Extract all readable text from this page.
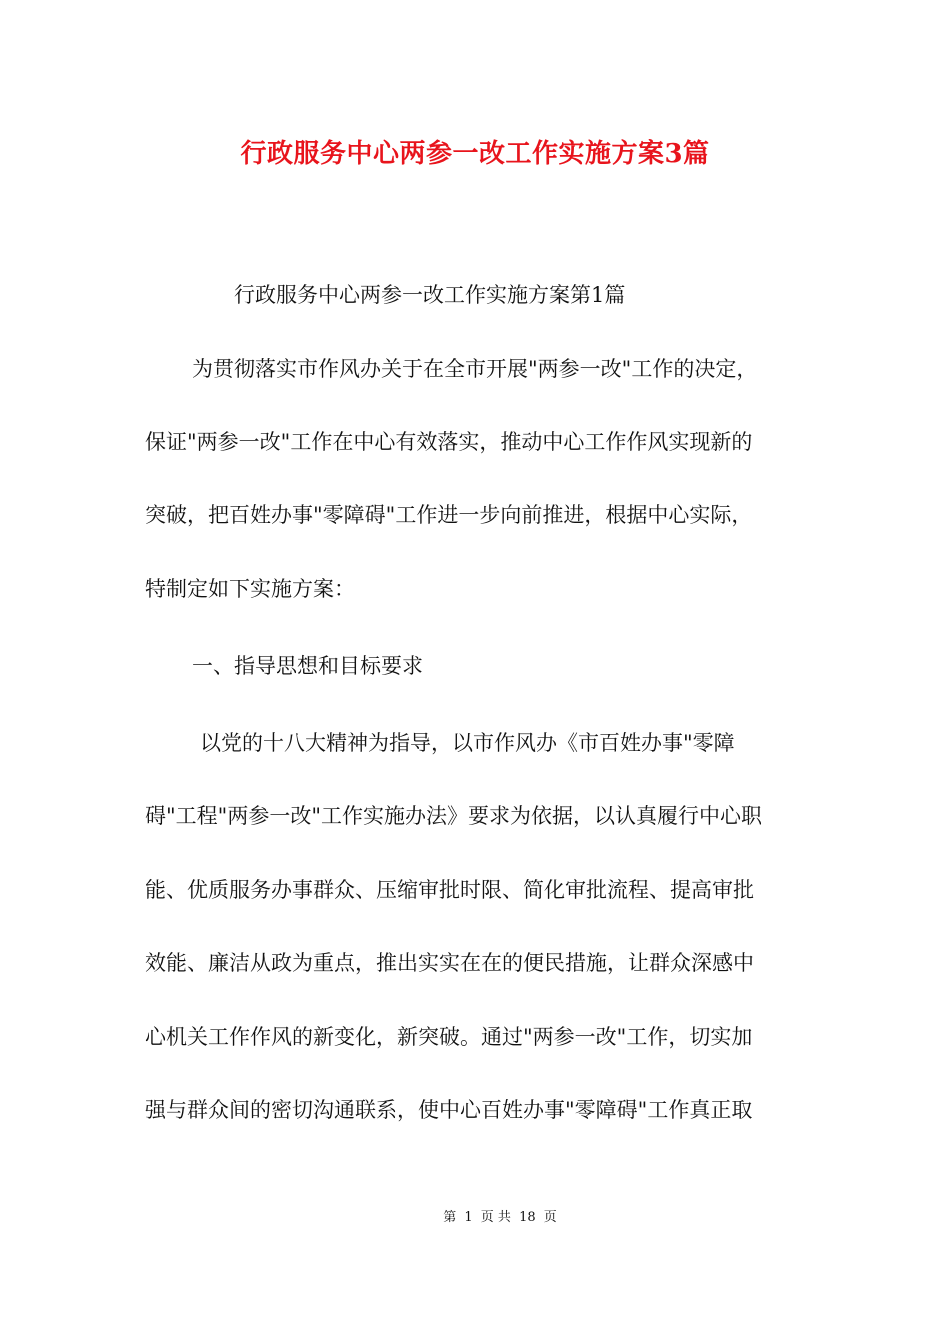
行政服务中心两参一改工作实施方案3篇
行政服务中心两参一改工作实施方案第1篇
为贯彻落实市作风办关于在全市开展"两参一改"工作的决定，
保证"两参一改"工作在中心有效落实，推动中心工作作风实现新的
突破，把百姓办事"零障碍"工作进一步向前推进，根据中心实际，
特制定如下实施方案：
一、指导思想和目标要求
以党的十八大精神为指导，以市作风办《市百姓办事"零障
碍"工程"两参一改"工作实施办法》要求为依据，以认真履行中心职
能、优质服务办事群众、压缩审批时限、简化审批流程、提高审批
效能、廉洁从政为重点，推出实实在在的便民措施，让群众深感中
心机关工作作风的新变化，新突破。通过"两参一改"工作，切实加
强与群众间的密切沟通联系，使中心百姓办事"零障碍"工作真正取
第 1 页 共 18 页
